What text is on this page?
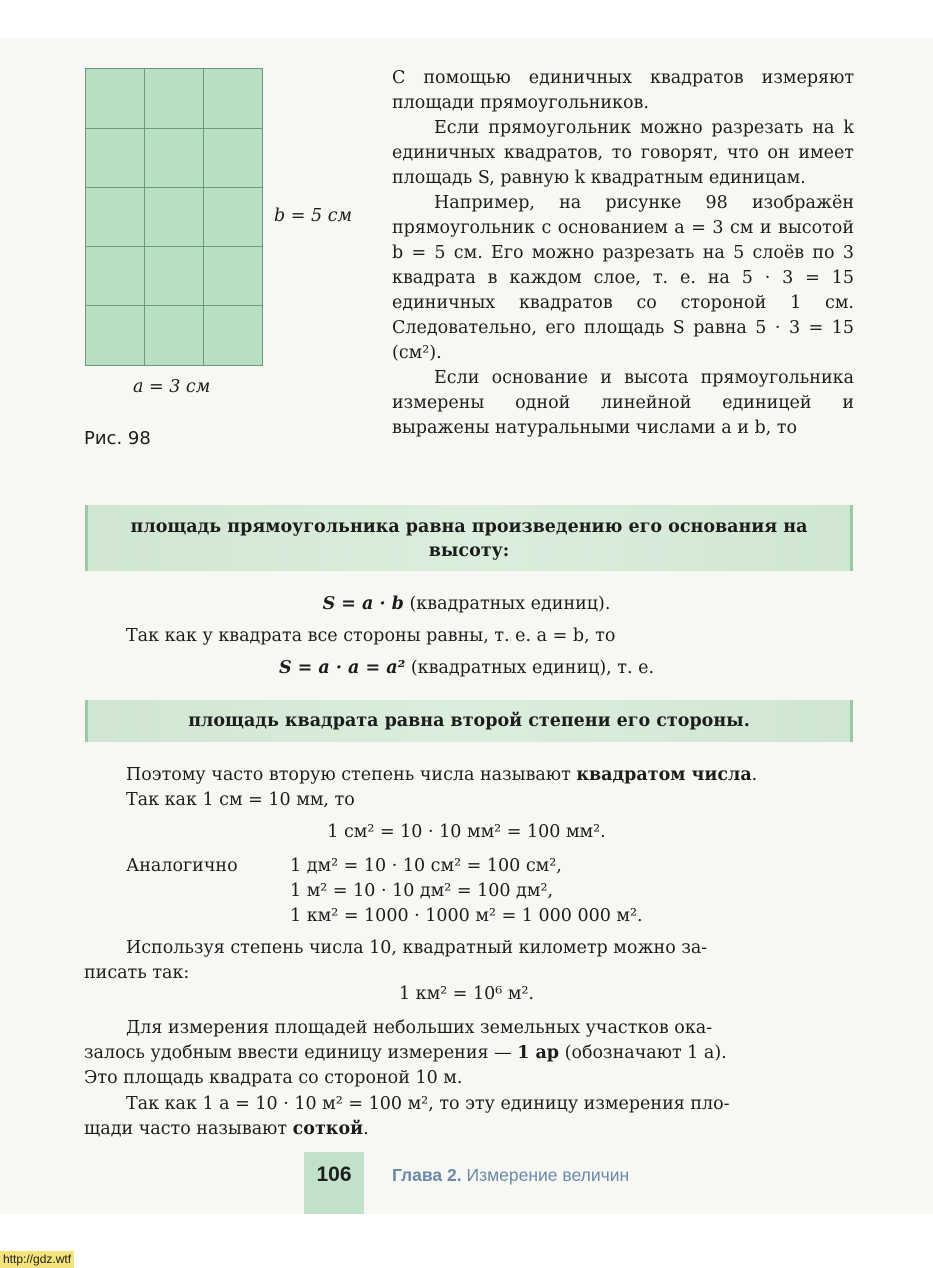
b = 5 см
a = 3 см
Рис. 98

С помощью единичных квадратов измеряют площади прямоугольников.

Если прямоугольник можно разрезать на k единичных квадратов, то говорят, что он имеет площадь S, равную k квадратным единицам.

Например, на рисунке 98 изображён прямоугольник с основанием a = 3 см и высотой b = 5 см. Его можно разрезать на 5 слоёв по 3 квадрата в каждом слое, т. е. на 5 · 3 = 15 единичных квадратов со стороной 1 см. Следовательно, его площадь S равна 5 · 3 = 15 (см²).

Если основание и высота прямоугольника измерены одной линейной единицей и выражены натуральными числами a и b, то

площадь прямоугольника равна произведению его основания на высоту:
S = a · b (квадратных единиц).
Так как у квадрата все стороны равны, т. е. a = b, то
S = a · a = a² (квадратных единиц), т. е.
площадь квадрата равна второй степени его стороны.
Поэтому часто вторую степень числа называют квадратом числа.
Так как 1 см = 10 мм, то
1 см² = 10 · 10 мм² = 100 мм².
Аналогично	1 дм² = 10 · 10 см² = 100 см²,
1 м² = 10 · 10 дм² = 100 дм²,
1 км² = 1000 · 1000 м² = 1 000 000 м².
Используя степень числа 10, квадратный километр можно за-
писать так:
1 км² = 10⁶ м².
Для измерения площадей небольших земельных участков ока-
залось удобным ввести единицу измерения — 1 ар (обозначают 1 а).
Это площадь квадрата со стороной 10 м.
Так как 1 а = 10 · 10 м² = 100 м², то эту единицу измерения пло-
щади часто называют соткой.
106	Глава 2. Измерение величин
http://gdz.wtf
